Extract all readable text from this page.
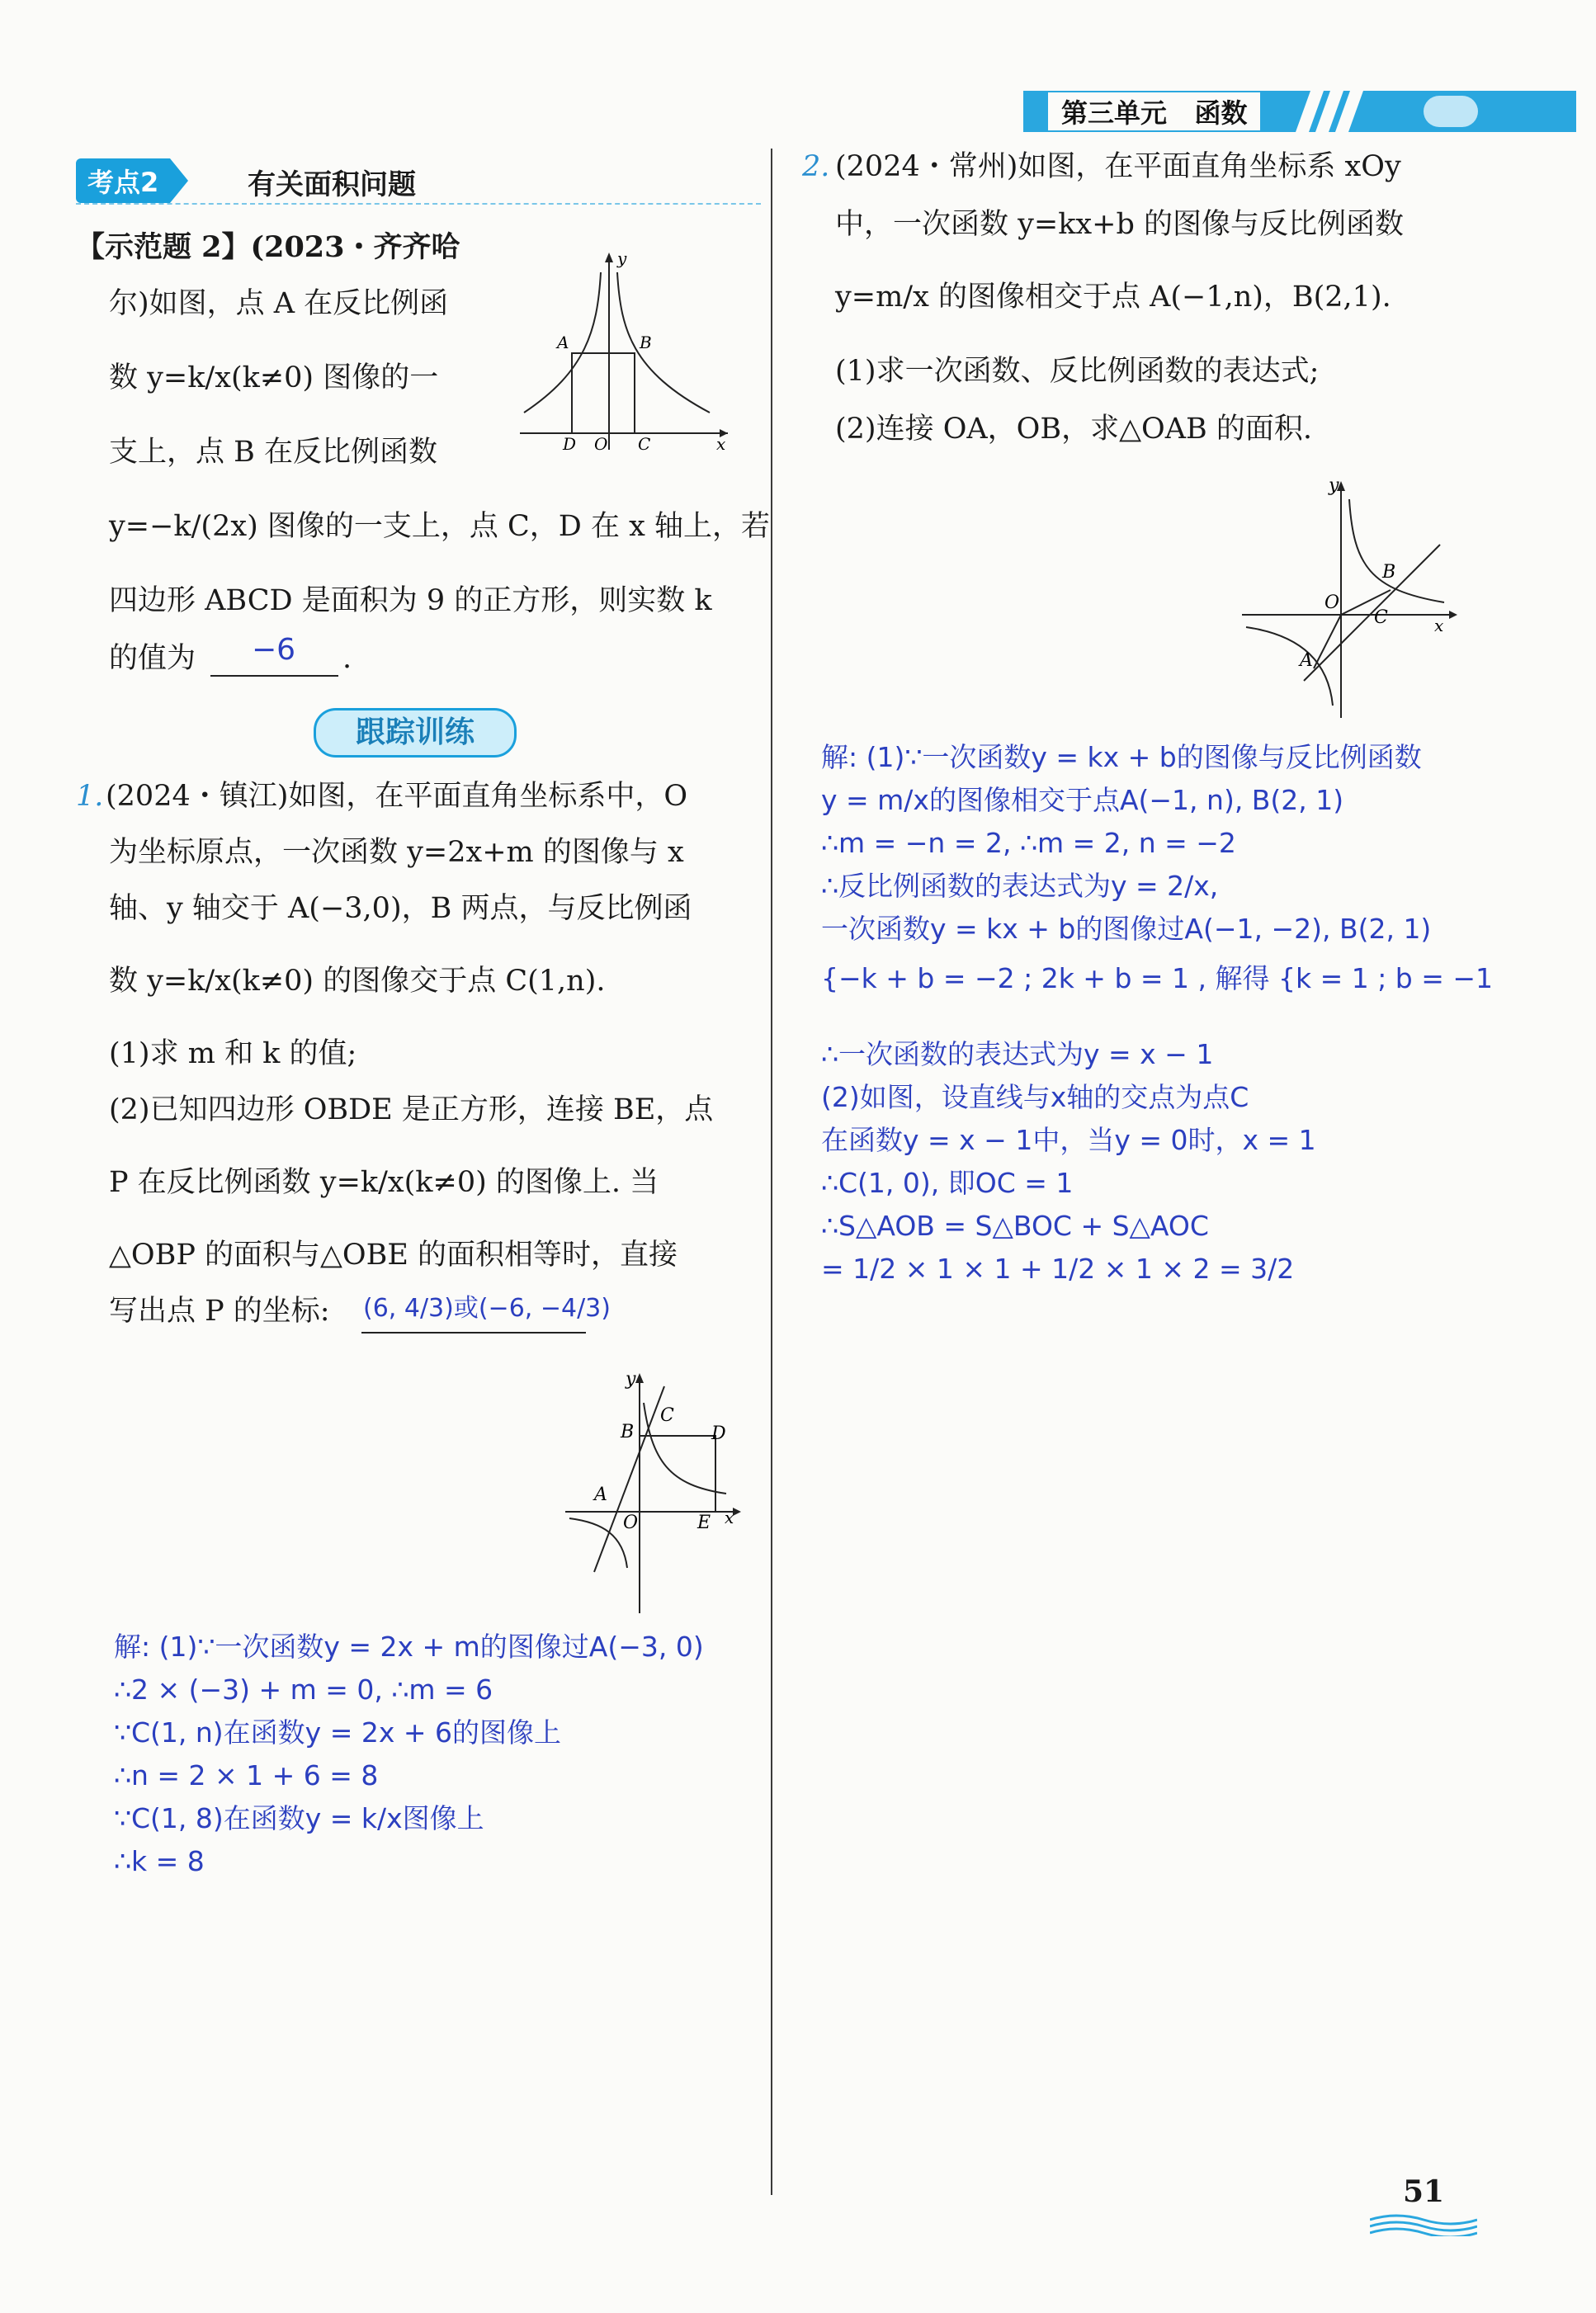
第三单元 函数
考点2	有关面积问题
【示范题 2】(2023・齐齐哈
尔)如图，点 A 在反比例函
数 y=k/x(k≠0) 图像的一
支上，点 B 在反比例函数
y=−k/(2x) 图像的一支上，点 C，D 在 x 轴上，若
四边形 ABCD 是面积为 9 的正方形，则实数 k
的值为 −6 .
A	B
D O C	x
y
跟踪训练
1. (2024・镇江)如图，在平面直角坐标系中，O
为坐标原点，一次函数 y=2x+m 的图像与 x
轴、y 轴交于 A(−3,0)，B 两点，与反比例函
数 y=k/x(k≠0) 的图像交于点 C(1,n).
(1)求 m 和 k 的值;
(2)已知四边形 OBDE 是正方形，连接 BE，点
P 在反比例函数 y=k/x(k≠0) 的图像上. 当
△OBP 的面积与△OBE 的面积相等时，直接
写出点 P 的坐标: (6, 4/3)或(−6, −4/3)
y
B
C
D
A
O	E x
解: (1)∵一次函数y = 2x + m的图像过A(−3, 0)
∴2 × (−3) + m = 0, ∴m = 6
∵C(1, n)在函数y = 2x + 6的图像上
∴n = 2 × 1 + 6 = 8
∵C(1, 8)在函数y = k/x图像上
∴k = 8
2. (2024・常州)如图，在平面直角坐标系 xOy
中，一次函数 y=kx+b 的图像与反比例函数
y=m/x 的图像相交于点 A(−1,n)，B(2,1).
(1)求一次函数、反比例函数的表达式;
(2)连接 OA，OB，求△OAB 的面积.
y
O
A
B
C	x
解: (1)∵一次函数y = kx + b的图像与反比例函数
y = m/x的图像相交于点A(−1, n), B(2, 1)
∴m = −n = 2, ∴m = 2, n = −2
∴反比例函数的表达式为y = 2/x,
一次函数y = kx + b的图像过A(−1, −2), B(2, 1)
{−k + b = −2 ; 2k + b = 1 , 解得 {k = 1 ; b = −1
∴一次函数的表达式为y = x − 1
(2)如图，设直线与x轴的交点为点C
在函数y = x − 1中，当y = 0时，x = 1
∴C(1, 0), 即OC = 1
∴S△AOB = S△BOC + S△AOC
= 1/2 × 1 × 1 + 1/2 × 1 × 2 = 3/2
51
